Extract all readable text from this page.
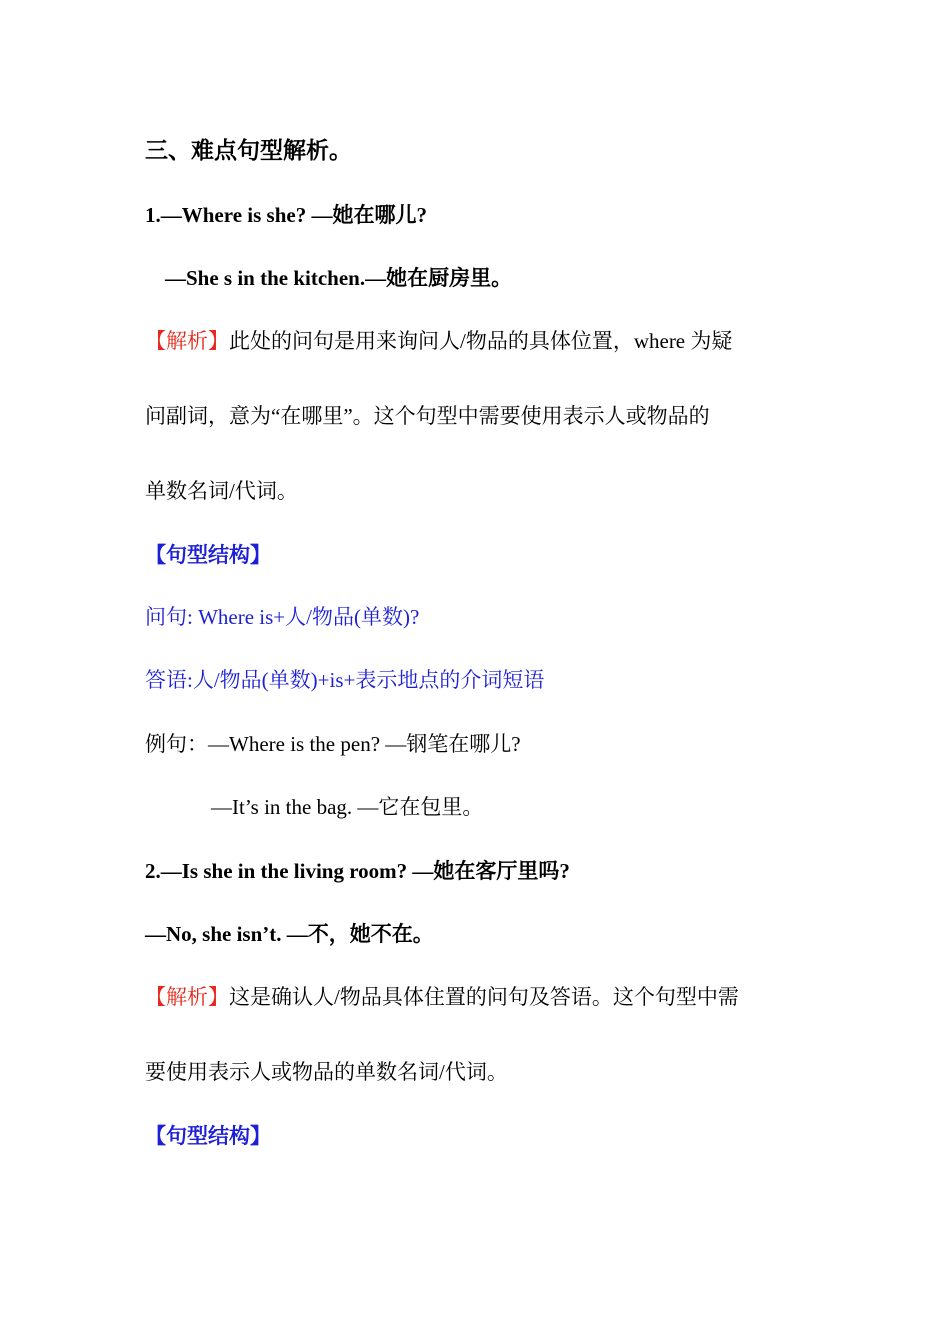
三、难点句型解析。
1.—Where is she? —她在哪儿?
—She s in the kitchen.—她在厨房里。
【解析】此处的问句是用来询问人/物品的具体位置，where 为疑
问副词，意为“在哪里”。这个句型中需要使用表示人或物品的
单数名词/代词。
【句型结构】
问句: Where is+人/物品(单数)?
答语:人/物品(单数)+is+表示地点的介词短语
例句：—Where is the pen? —钢笔在哪儿?
—It’s in the bag. —它在包里。
2.—Is she in the living room? —她在客厅里吗?
—No, she isn’t. —不，她不在。
【解析】这是确认人/物品具体住置的问句及答语。这个句型中需
要使用表示人或物品的单数名词/代词。
【句型结构】
